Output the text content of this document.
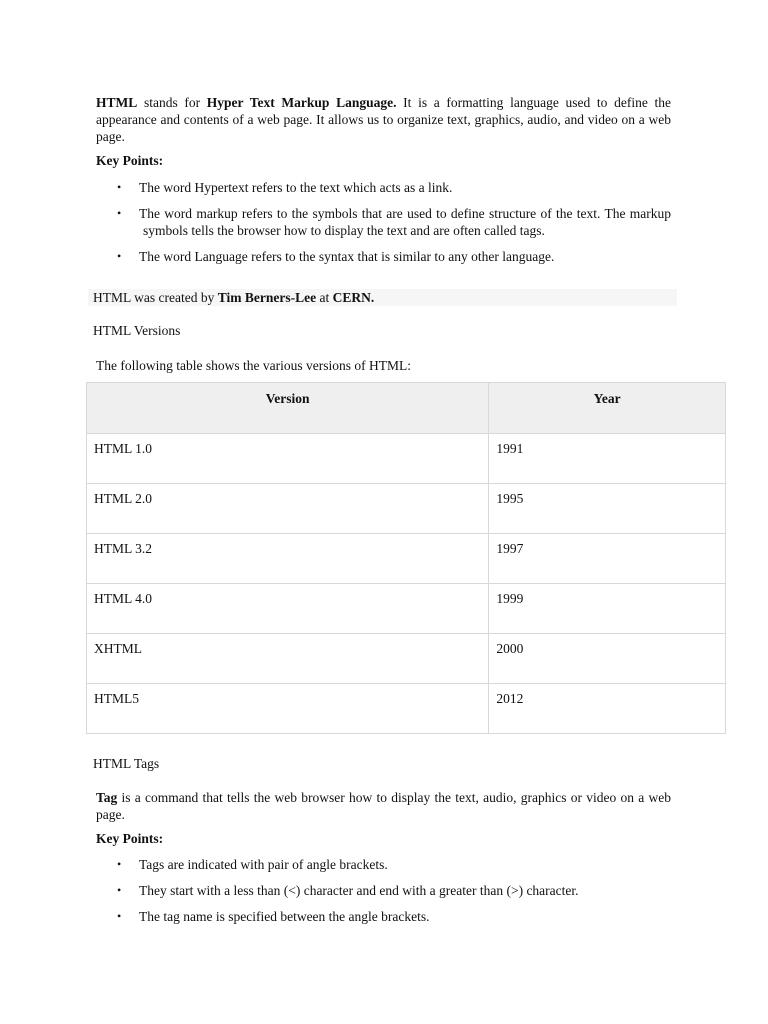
HTML stands for Hyper Text Markup Language. It is a formatting language used to define the appearance and contents of a web page. It allows us to organize text, graphics, audio, and video on a web page.

Key Points:

• The word Hypertext refers to the text which acts as a link.
• The word markup refers to the symbols that are used to define structure of the text. The markup symbols tells the browser how to display the text and are often called tags.
• The word Language refers to the syntax that is similar to any other language.
HTML was created by Tim Berners-Lee at CERN.

HTML Versions

The following table shows the various versions of HTML:

Version	Year

HTML 1.0	1991

HTML 2.0	1995

HTML 3.2	1997

HTML 4.0	1999

XHTML	2000

HTML5	2012

HTML Tags

Tag is a command that tells the web browser how to display the text, audio, graphics or video on a web page.

Key Points:

• Tags are indicated with pair of angle brackets.
• They start with a less than (<) character and end with a greater than (>) character.
• The tag name is specified between the angle brackets.
